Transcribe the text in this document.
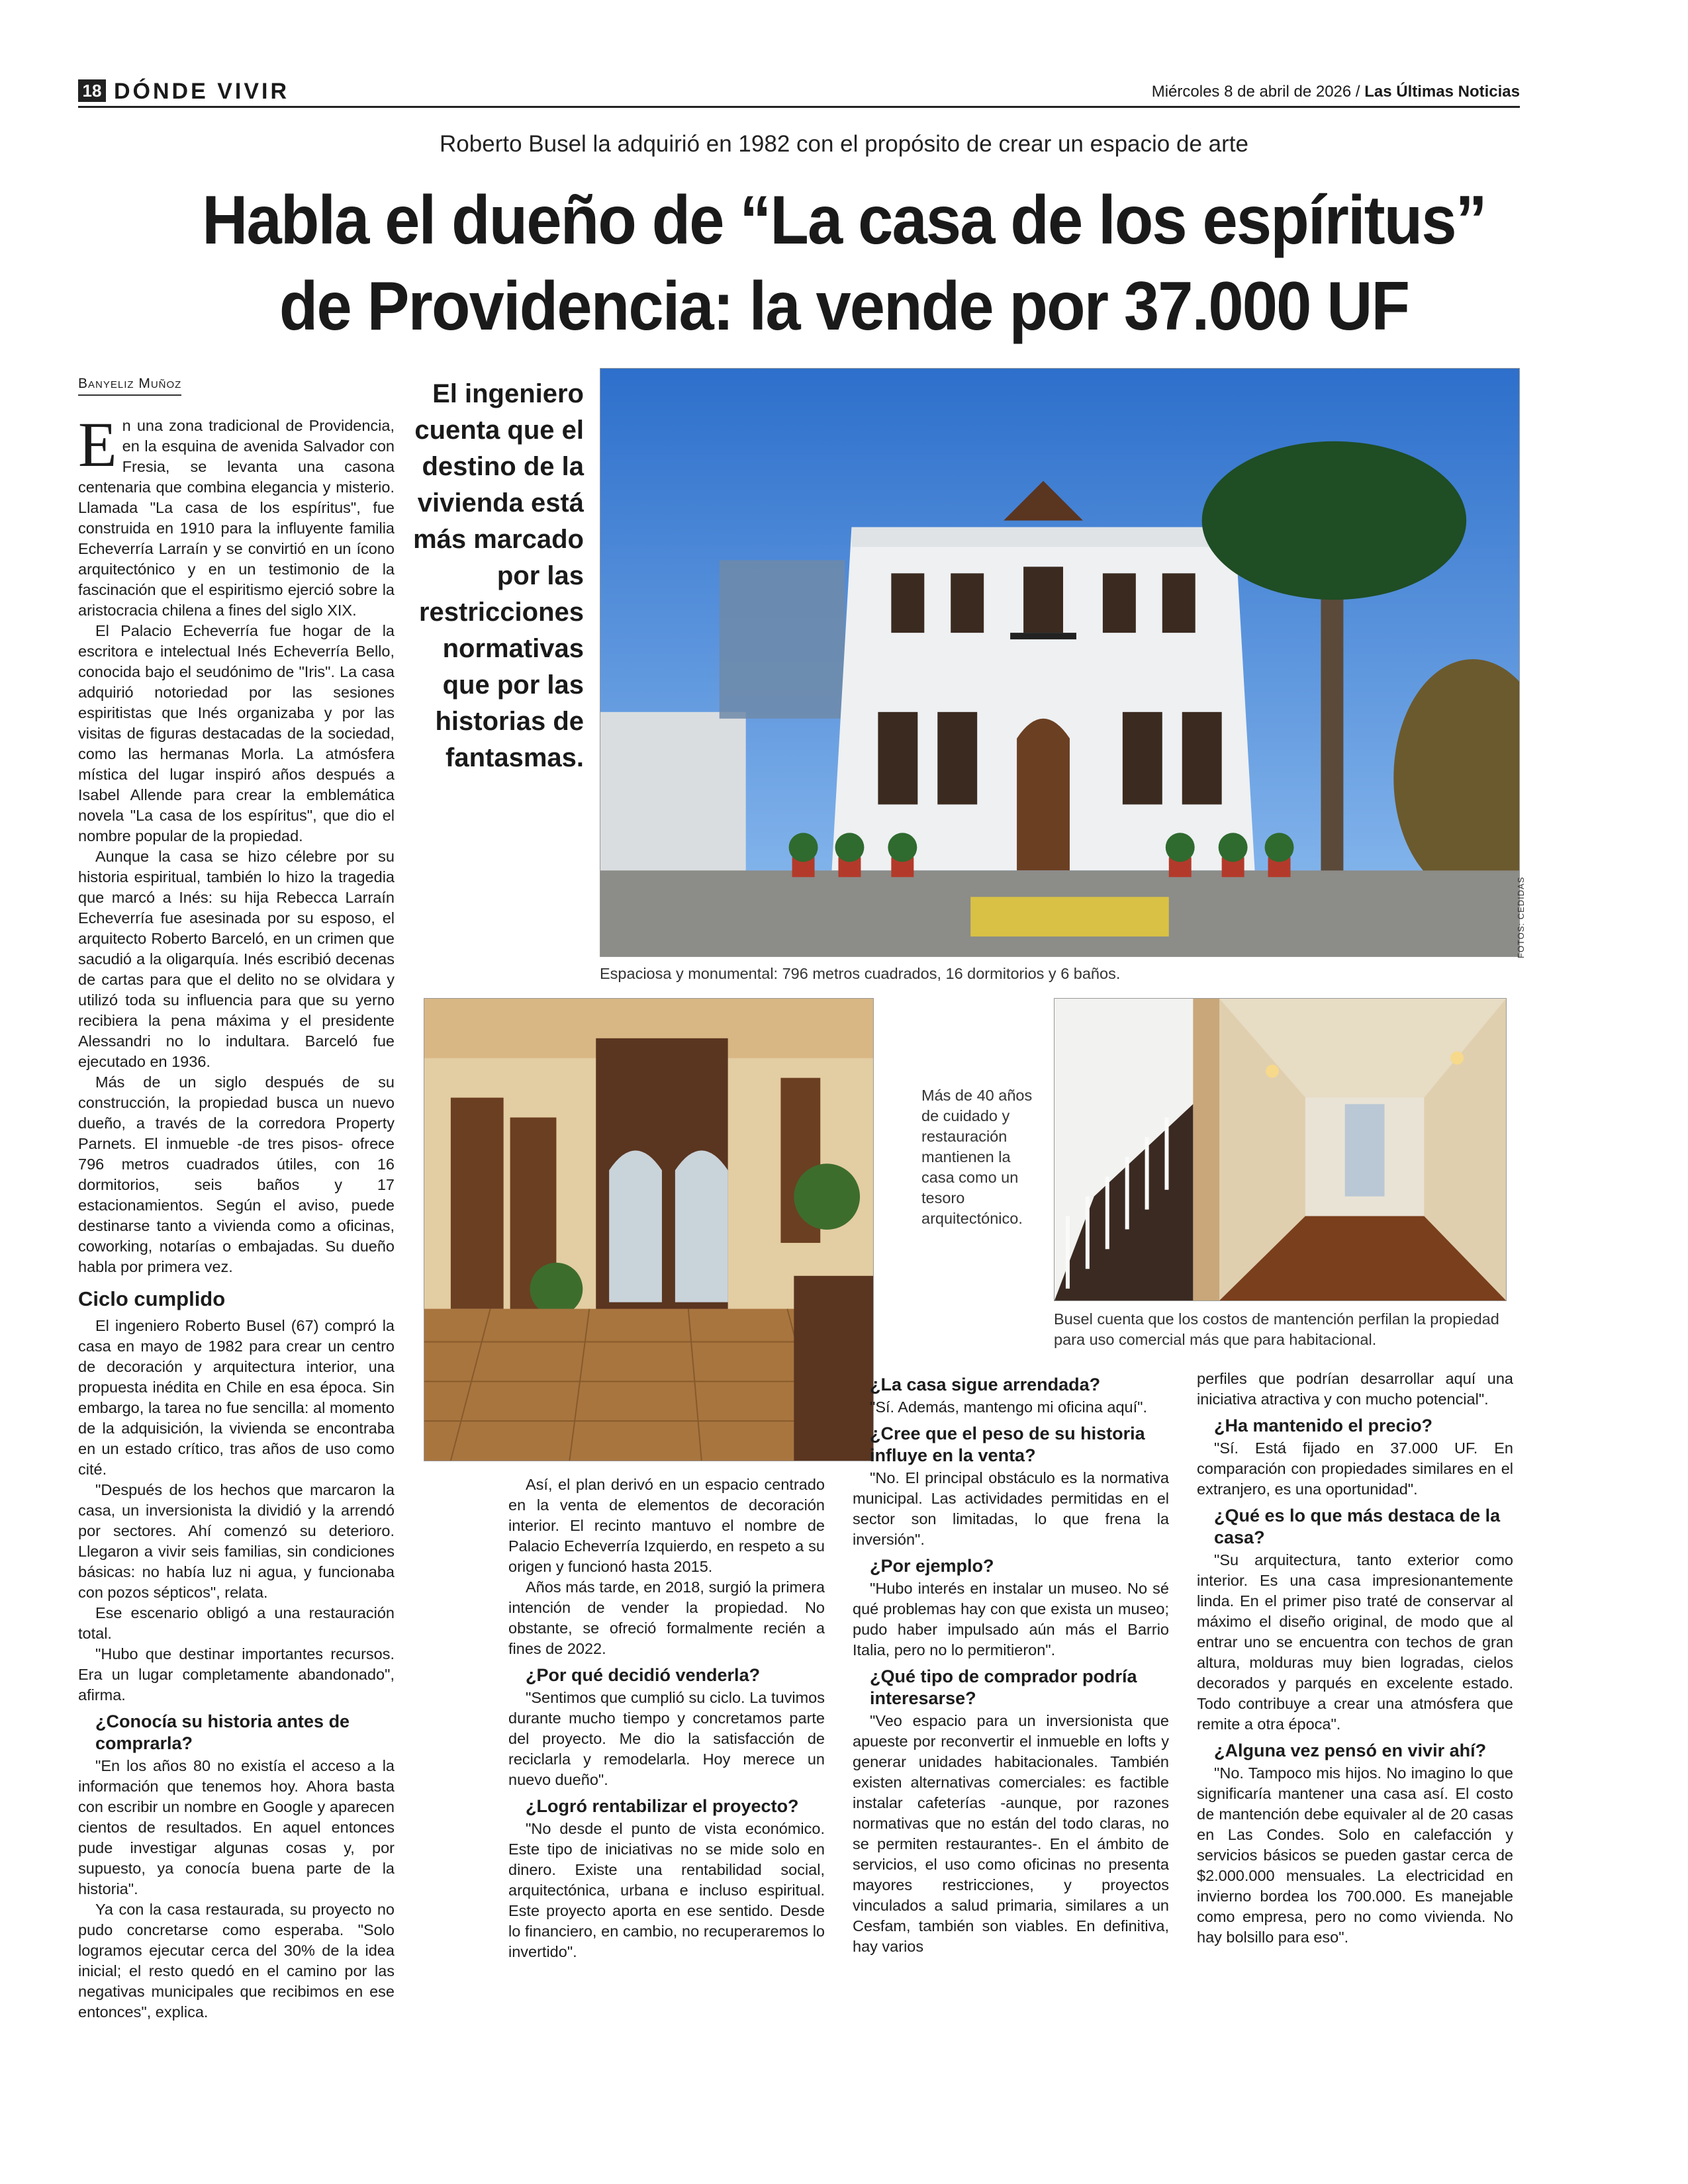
18 DÓNDE VIVIR	Miércoles 8 de abril de 2026 / Las Últimas Noticias
Roberto Busel la adquirió en 1982 con el propósito de crear un espacio de arte
Habla el dueño de “La casa de los espíritus”
de Providencia: la vende por 37.000 UF
Banyeliz Muñoz	El ingeniero cuenta que el destino de la vivienda está más marcado por las restricciones normativas que por las historias de fantasmas.
Espaciosa y monumental: 796 metros cuadrados, 16 dormitorios y 6 baños.
FOTOS: CEDIDAS
Más de 40 años de cuidado y restauración mantienen la casa como un tesoro arquitectónico.
Busel cuenta que los costos de mantención perfilan la propiedad para uso comercial más que para habitacional.

En una zona tradicional de Providencia, en la esquina de avenida Salvador con Fresia, se levanta una casona centenaria que combina elegancia y misterio. Llamada "La casa de los espíritus", fue construida en 1910 para la influyente familia Echeverría Larraín y se convirtió en un ícono arquitectónico y en un testimonio de la fascinación que el espiritismo ejerció sobre la aristocracia chilena a fines del siglo XIX.

El Palacio Echeverría fue hogar de la escritora e intelectual Inés Echeverría Bello, conocida bajo el seudónimo de "Iris". La casa adquirió notoriedad por las sesiones espiritistas que Inés organizaba y por las visitas de figuras destacadas de la sociedad, como las hermanas Morla. La atmósfera mística del lugar inspiró años después a Isabel Allende para crear la emblemática novela "La casa de los espíritus", que dio el nombre popular de la propiedad.

Aunque la casa se hizo célebre por su historia espiritual, también lo hizo la tragedia que marcó a Inés: su hija Rebecca Larraín Echeverría fue asesinada por su esposo, el arquitecto Roberto Barceló, en un crimen que sacudió a la oligarquía. Inés escribió decenas de cartas para que el delito no se olvidara y utilizó toda su influencia para que su yerno recibiera la pena máxima y el presidente Alessandri no lo indultara. Barceló fue ejecutado en 1936.

Más de un siglo después de su construcción, la propiedad busca un nuevo dueño, a través de la corredora Property Parnets. El inmueble -de tres pisos- ofrece 796 metros cuadrados útiles, con 16 dormitorios, seis baños y 17 estacionamientos. Según el aviso, puede destinarse tanto a vivienda como a oficinas, coworking, notarías o embajadas. Su dueño habla por primera vez.

Ciclo cumplido

El ingeniero Roberto Busel (67) compró la casa en mayo de 1982 para crear un centro de decoración y arquitectura interior, una propuesta inédita en Chile en esa época. Sin embargo, la tarea no fue sencilla: al momento de la adquisición, la vivienda se encontraba en un estado crítico, tras años de uso como cité.

"Después de los hechos que marcaron la casa, un inversionista la dividió y la arrendó por sectores. Ahí comenzó su deterioro. Llegaron a vivir seis familias, sin condiciones básicas: no había luz ni agua, y funcionaba con pozos sépticos", relata.

Ese escenario obligó a una restauración total.

"Hubo que destinar importantes recursos. Era un lugar completamente abandonado", afirma.

¿Conocía su historia antes de comprarla?

"En los años 80 no existía el acceso a la información que tenemos hoy. Ahora basta con escribir un nombre en Google y aparecen cientos de resultados. En aquel entonces pude investigar algunas cosas y, por supuesto, ya conocía buena parte de la historia".

Ya con la casa restaurada, su proyecto no pudo concretarse como esperaba. "Solo logramos ejecutar cerca del 30% de la idea inicial; el resto quedó en el camino por las negativas municipales que recibimos en ese entonces", explica.

Así, el plan derivó en un espacio centrado en la venta de elementos de decoración interior. El recinto mantuvo el nombre de Palacio Echeverría Izquierdo, en respeto a su origen y funcionó hasta 2015.

Años más tarde, en 2018, surgió la primera intención de vender la propiedad. No obstante, se ofreció formalmente recién a fines de 2022.

¿Por qué decidió venderla?

"Sentimos que cumplió su ciclo. La tuvimos durante mucho tiempo y concretamos parte del proyecto. Me dio la satisfacción de reciclarla y remodelarla. Hoy merece un nuevo dueño".

¿Logró rentabilizar el proyecto?

"No desde el punto de vista económico. Este tipo de iniciativas no se mide solo en dinero. Existe una rentabilidad social, arquitectónica, urbana e incluso espiritual. Este proyecto aporta en ese sentido. Desde lo financiero, en cambio, no recuperaremos lo invertido".

¿La casa sigue arrendada?

"Sí. Además, mantengo mi oficina aquí".

¿Cree que el peso de su historia influye en la venta?

"No. El principal obstáculo es la normativa municipal. Las actividades permitidas en el sector son limitadas, lo que frena la inversión".

¿Por ejemplo?

"Hubo interés en instalar un museo. No sé qué problemas hay con que exista un museo; pudo haber impulsado aún más el Barrio Italia, pero no lo permitieron".

¿Qué tipo de comprador podría interesarse?

"Veo espacio para un inversionista que apueste por reconvertir el inmueble en lofts y generar unidades habitacionales. También existen alternativas comerciales: es factible instalar cafeterías -aunque, por razones normativas que no están del todo claras, no se permiten restaurantes-. En el ámbito de servicios, el uso como oficinas no presenta mayores restricciones, y proyectos vinculados a salud primaria, similares a un Cesfam, también son viables. En definitiva, hay varios

perfiles que podrían desarrollar aquí una iniciativa atractiva y con mucho potencial".

¿Ha mantenido el precio?

"Sí. Está fijado en 37.000 UF. En comparación con propiedades similares en el extranjero, es una oportunidad".

¿Qué es lo que más destaca de la casa?

"Su arquitectura, tanto exterior como interior. Es una casa impresionantemente linda. En el primer piso traté de conservar al máximo el diseño original, de modo que al entrar uno se encuentra con techos de gran altura, molduras muy bien logradas, cielos decorados y parqués en excelente estado. Todo contribuye a crear una atmósfera que remite a otra época".

¿Alguna vez pensó en vivir ahí?

"No. Tampoco mis hijos. No imagino lo que significaría mantener una casa así. El costo de mantención debe equivaler al de 20 casas en Las Condes. Solo en calefacción y servicios básicos se pueden gastar cerca de $2.000.000 mensuales. La electricidad en invierno bordea los 700.000. Es manejable como empresa, pero no como vivienda. No hay bolsillo para eso".
